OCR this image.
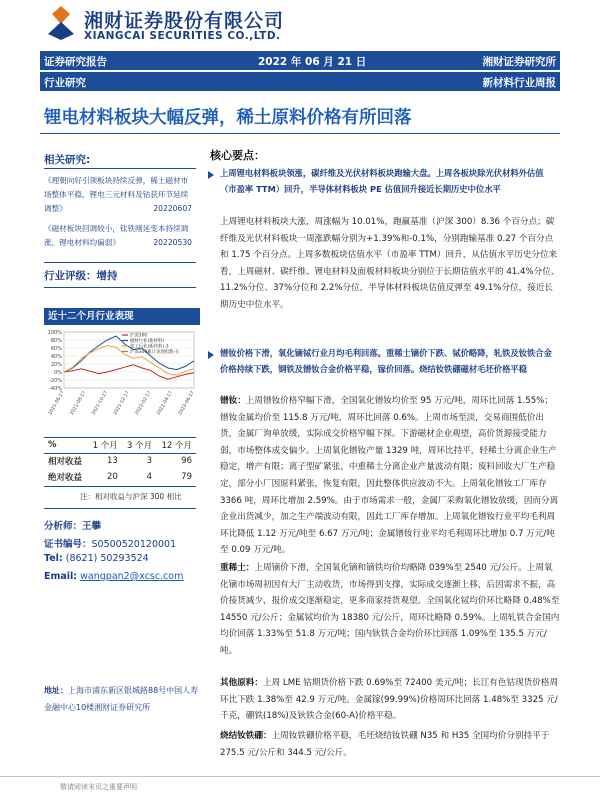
湘财证券股份有限公司
XIANGCAI SECURITIES CO.,LTD.
证券研究报告	2022 年 06 月 21 日	湘财证券研究所
行业研究	新材料行业周报
锂电材料板块大幅反弹，稀土原料价格有所回落
相关研究:
《理朝向好引领板块持续反弹，稀土磁材市场整体平稳，锂电三元材料及钴获环节延续调整》	20220607
《磁材板块回调较小，钛铁刚延变本持续调涨，锂电材料均偏弱》	20220530
行业评级：增持
近十二个月行业表现
100%
80%
60%
40%
20%
0%
-20%
-40%
2021-06-17 2021-08-17 2021-10-17 2021-12-17 2022-02-17 2022-04-17 2022-06-17
沪深300
磁材行业(新材料)
加工行业(新材料)-3
沪深300累计表现指数-右
%	1 个月	3 个月	12 个月
相对收益	13	3	96
绝对收益	20	4	79
注：相对收益与沪深 300 相比
分析师：王攀
证书编号：S0500520120001
Tel: (8621) 50293524
Email: wangpan2@xcsc.com
地址：上海市浦东新区银城路88号中国人寿金融中心10楼湘财证券研究所
核心要点：
上周锂电材料板块领涨，碳纤维及光伏材料板块跑输大盘。上周各板块除光伏材料外估值（市盈率 TTM）回升，半导体材料板块 PE 估值回升接近长期历史中位水平
上周锂电材料板块大涨，周涨幅为 10.01%，跑赢基准（沪深 300）8.36 个百分点；碳纤维及光伏材料板块一周涨跌幅分别为+1.39%和-0.1%，分别跑输基准 0.27 个百分点和 1.75 个百分点。上周多数板块估值水平（市盈率 TTM）回升，从估值水平历史分位来看，上周磁材、碳纤维、锂电材料及面板材料板块分别位于长期估值水平的 41.4%分位、11.2%分位、37%分位和 2.2%分位，半导体材料板块估值反弹至 49.1%分位，接近长期历史中位水平。
镨钕价格下滑，氧化镝铽行业月均毛利回落。重稀土镝价下跌、铽价略降，轧铁及钕铁合金价格持续下跌，钢铁及镨钕合金价格平稳，镓价回落。烧结钕铁硼磁材毛坯价格平稳
镨钕：上周镨钕价格窄幅下滑，全国氧化镨钕均价至 95 万元/吨，周环比回落 1.55%；镨钕金属均价至 115.8 万元/吨，周环比回落 0.6%。上周市场至淡，交易商围低价出货，金属厂询单放缓，实际成交价格窄幅下探。下游磁材企业观望，高价货源接受能力弱，市场整体成交偏少。上周氧化镨钕产量 1329 吨，周环比持平，轻稀土分离企业生产稳定，增产有限；离子型矿紧张，中重稀土分离企业产量波动有限；废料回收大厂生产稳定，部分小厂因原料紧张，恢复有限，因此整体供应波动不大。上周氧化镨钕工厂库存 3366 吨，周环比增加 2.59%。由于市场需求一般，金属厂采购氧化镨钕放缓，因而分离企业出货减少，加之生产端波动有限，因此工厂库存增加。上周氧化镨钕行业平均毛利周环比降低 1.12 万元/吨至 6.67 万元/吨；金属镨钕行业平均毛利周环比增加 0.7 万元/吨至 0.09 万元/吨。
重稀土：上周镝价下滑，全国氧化镝和镝铁均价均略降 039%至 2540 元/公斤。上周氧化镝市场周初因有大厂主动收货，市场得到支撑，实际成交逐渐上移，后因需求不振，高价接货减少，报价成交逐渐稳定，更多商家持货观望。全国氧化铽均价环比略降 0.48%至 14550 元/公斤；金属铽均价为 18380 元/公斤，周环比略降 0.59%。上周轧铁合金国内均价回落 1.33%至 51.8 万元/吨；国内钬铁合金均价环比回落 1.09%至 135.5 万元/吨。
其他原料：上周 LME 钴期货价格下跌 0.69%至 72400 美元/吨；长江有色钴现货价格周环比下跌 1.38%至 42.9 万元/吨。金属镓(99.99%)价格周环比回落 1.48%至 3325 元/千克，硼铁(18%)及钬铁合金(60-A)价格平稳。
烧结钕铁硼：上周钕铁硼价格平稳，毛坯烧结钕铁硼 N35 和 H35 全国均价分别持平于 275.5 元/公斤和 344.5 元/公斤。
敬请阅读末页之重要声明
